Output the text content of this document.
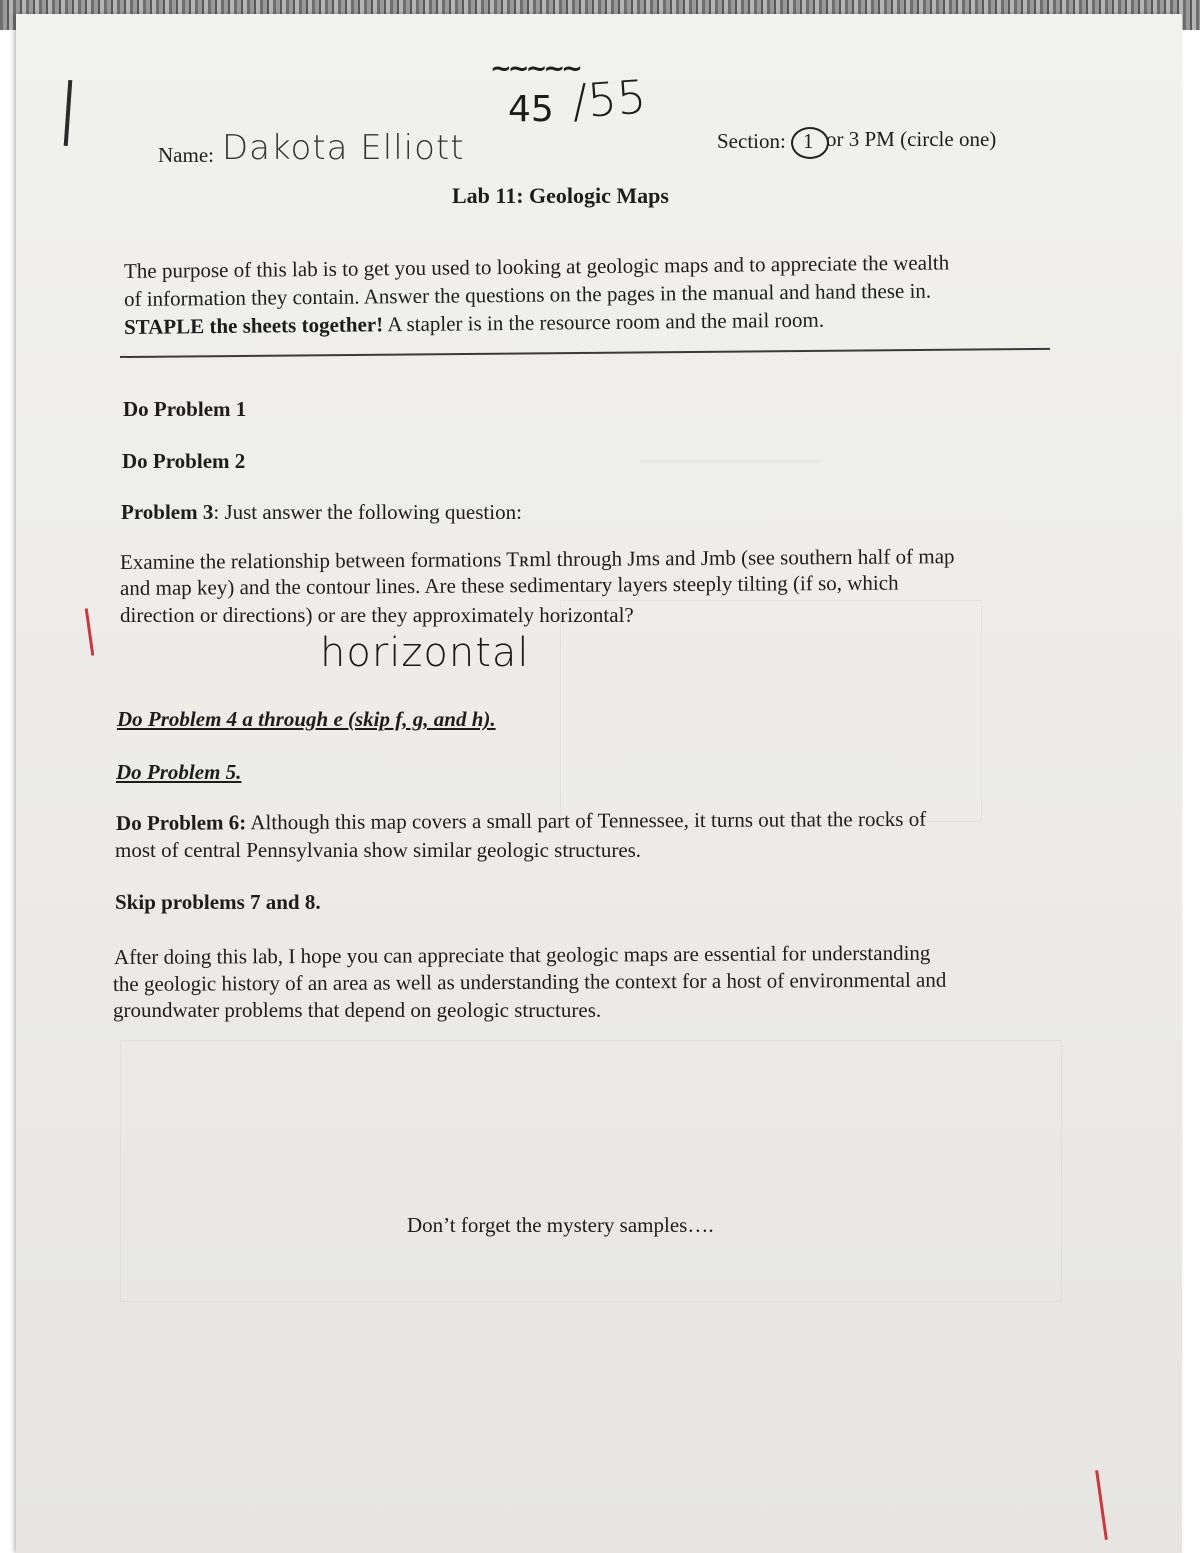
~~~~~
45 /55
Name: Dakota Elliott	Section: 1 or 3 PM (circle one)
Lab 11: Geologic Maps
The purpose of this lab is to get you used to looking at geologic maps and to appreciate the wealth
of information they contain. Answer the questions on the pages in the manual and hand these in.
STAPLE the sheets together! A stapler is in the resource room and the mail room.
Do Problem 1
Do Problem 2
Problem 3: Just answer the following question:
Examine the relationship between formations Tʀml through Jms and Jmb (see southern half of map
and map key) and the contour lines. Are these sedimentary layers steeply tilting (if so, which
direction or directions) or are they approximately horizontal?
horizontal
Do Problem 4 a through e (skip f, g, and h).
Do Problem 5.
Do Problem 6: Although this map covers a small part of Tennessee, it turns out that the rocks of
most of central Pennsylvania show similar geologic structures.
Skip problems 7 and 8.
After doing this lab, I hope you can appreciate that geologic maps are essential for understanding
the geologic history of an area as well as understanding the context for a host of environmental and
groundwater problems that depend on geologic structures.
Don’t forget the mystery samples….
